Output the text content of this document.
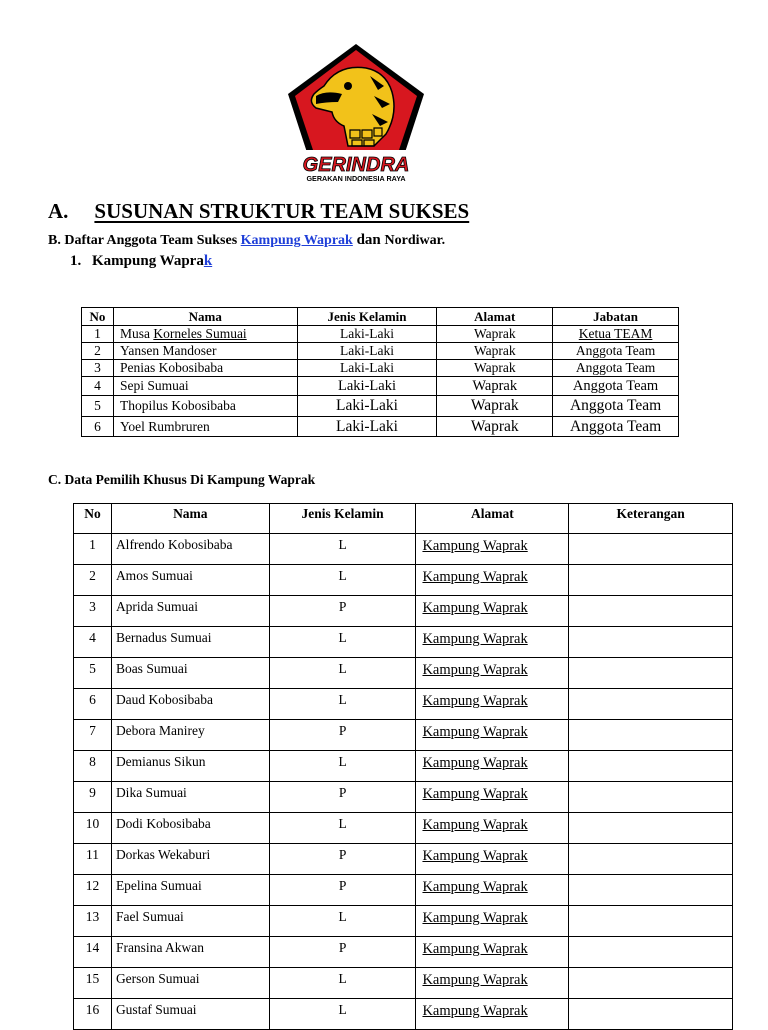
GERINDRA
GERAKAN INDONESIA RAYA
A. SUSUNAN STRUKTUR TEAM SUKSES
B. Daftar Anggota Team Sukses Kampung Waprak dan Nordiwar.
1. Kampung Waprak
No	Nama	Jenis Kelamin	Alamat	Jabatan
1	Musa Korneles Sumuai	Laki-Laki	Waprak	Ketua TEAM
2	Yansen Mandoser	Laki-Laki	Waprak	Anggota Team
3	Penias Kobosibaba	Laki-Laki	Waprak	Anggota Team
4	Sepi Sumuai	Laki-Laki	Waprak	Anggota Team
5	Thopilus Kobosibaba	Laki-Laki	Waprak	Anggota Team
6	Yoel Rumbruren	Laki-Laki	Waprak	Anggota Team
C. Data Pemilih Khusus Di Kampung Waprak
No	Nama	Jenis Kelamin	Alamat	Keterangan
1	Alfrendo Kobosibaba	L	Kampung Waprak	
2	Amos Sumuai	L	Kampung Waprak	
3	Aprida Sumuai	P	Kampung Waprak	
4	Bernadus Sumuai	L	Kampung Waprak	
5	Boas Sumuai	L	Kampung Waprak	
6	Daud Kobosibaba	L	Kampung Waprak	
7	Debora Manirey	P	Kampung Waprak	
8	Demianus Sikun	L	Kampung Waprak	
9	Dika Sumuai	P	Kampung Waprak	
10	Dodi Kobosibaba	L	Kampung Waprak	
11	Dorkas Wekaburi	P	Kampung Waprak	
12	Epelina Sumuai	P	Kampung Waprak	
13	Fael Sumuai	L	Kampung Waprak	
14	Fransina Akwan	P	Kampung Waprak	
15	Gerson Sumuai	L	Kampung Waprak	
16	Gustaf Sumuai	L	Kampung Waprak	
